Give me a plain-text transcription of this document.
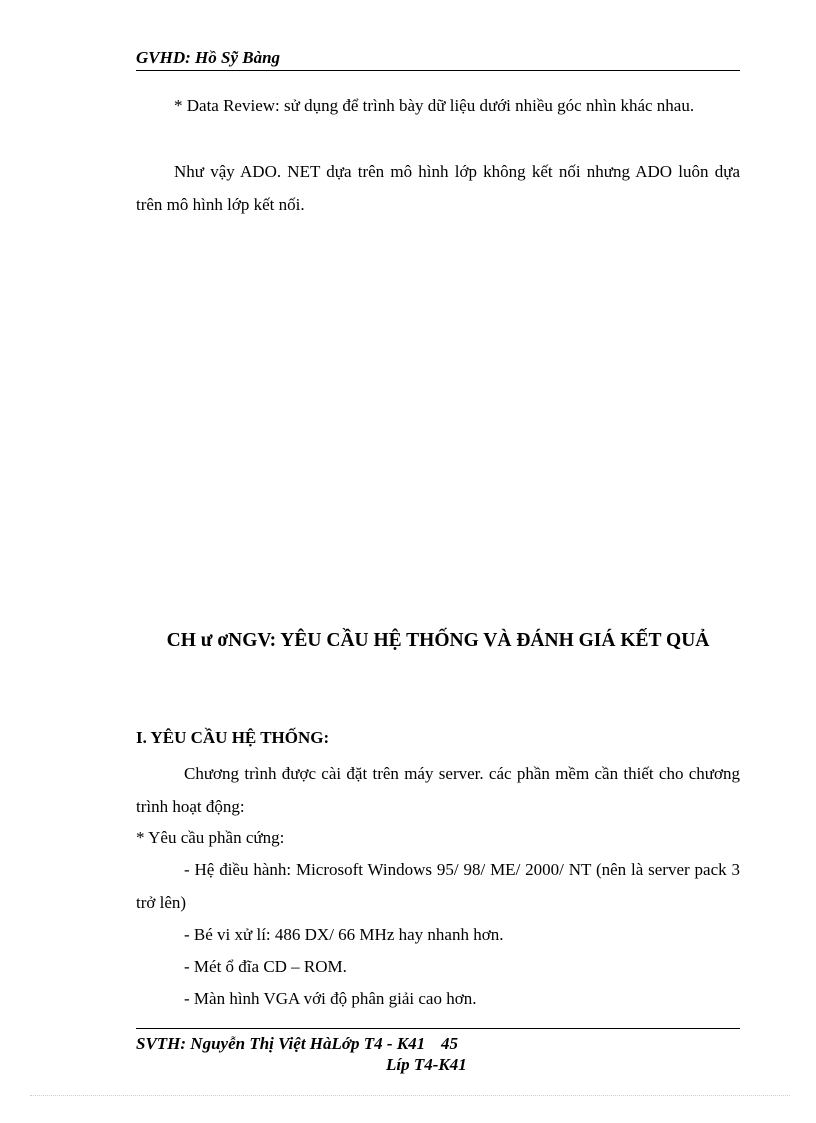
GVHD: Hồ Sỹ Bàng
* Data Review: sử dụng để trình bày dữ liệu dưới nhiều góc nhìn khác nhau.
Như vậy ADO. NET dựa trên mô hình lớp không kết nối nhưng ADO luôn dựa trên mô hình lớp kết nối.
CH ư ơNGV: YÊU CẦU HỆ THỐNG VÀ ĐÁNH GIÁ KẾT QUẢ
I. YÊU CẦU HỆ THỐNG:
Chương trình được cài đặt trên máy server. các phần mềm cần thiết cho chương trình hoạt động:
* Yêu cầu phần cứng:
- Hệ điều hành: Microsoft Windows 95/ 98/ ME/ 2000/ NT (nên là server pack 3 trở lên)
- Bé vi xử lí: 486 DX/ 66 MHz hay nhanh hơn.
- Mét ổ đĩa CD – ROM.
- Màn hình VGA với độ phân giải cao hơn.
SVTH: Nguyễn Thị Việt HàLớp T4 - K41 45
Líp T4-K41
